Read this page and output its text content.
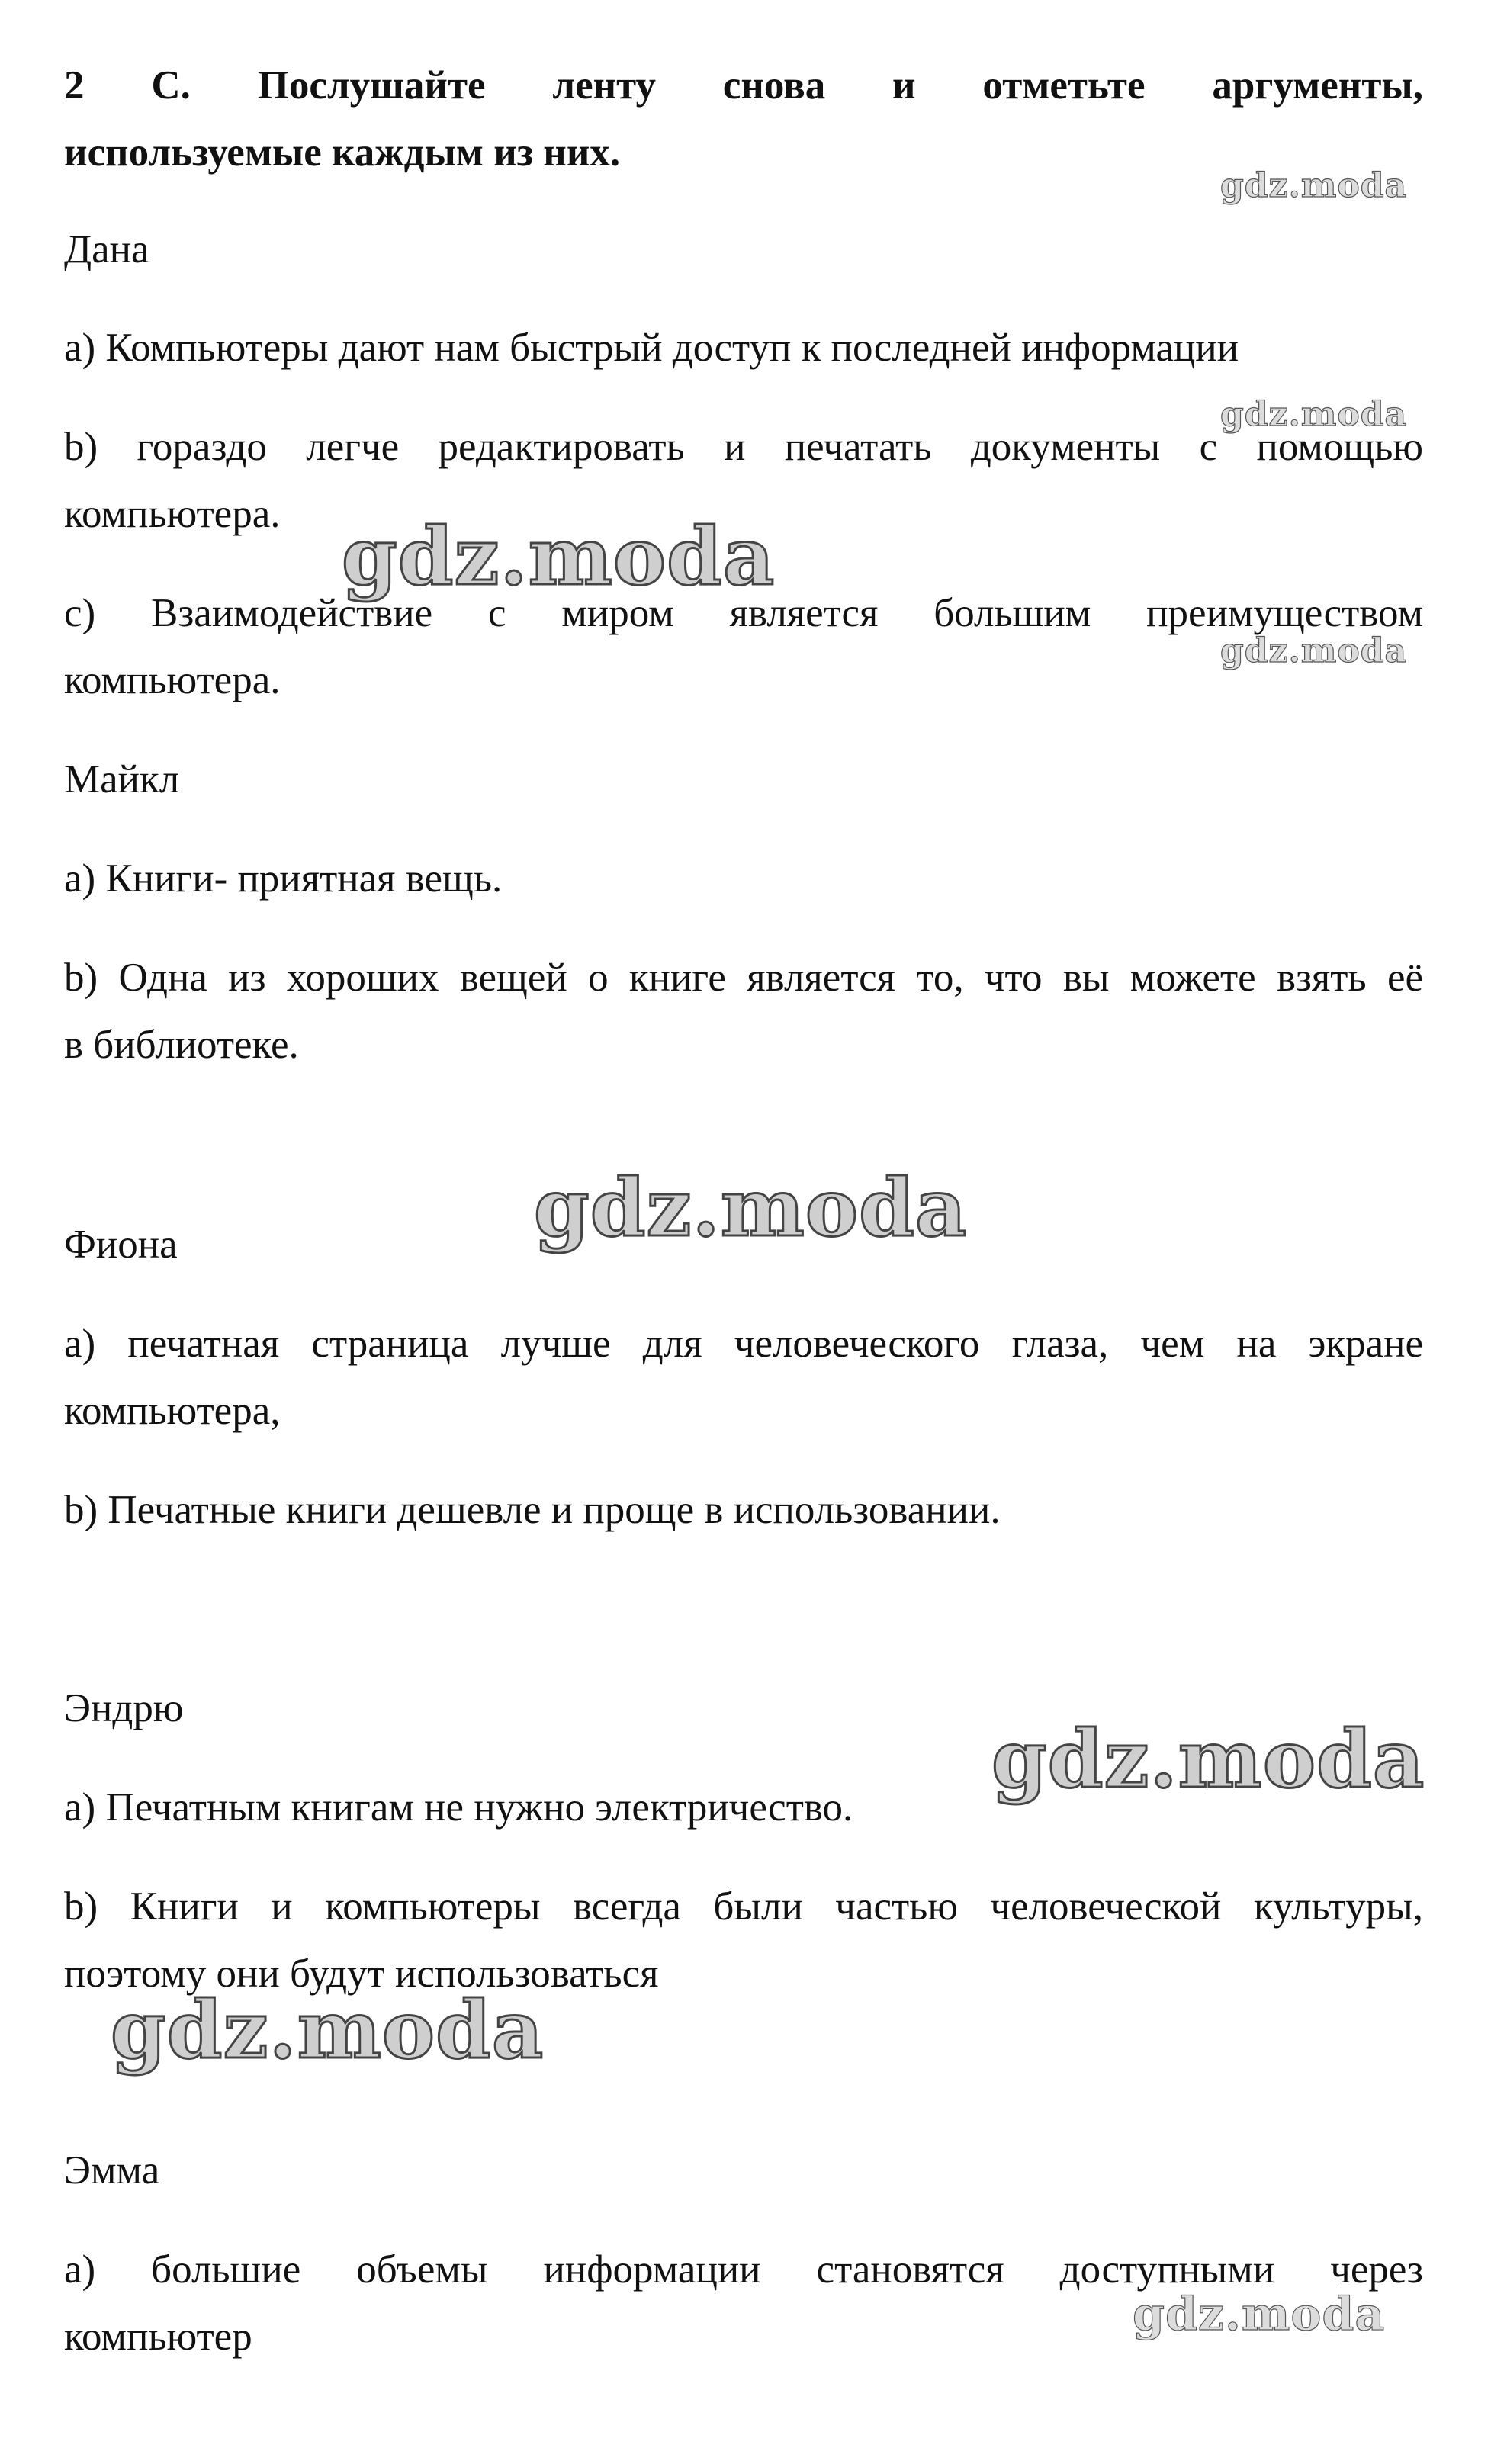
2 С. Послушайте ленту снова и отметьте аргументы,
используемые каждым из них.
Дана
а) Компьютеры дают нам быстрый доступ к последней информации
b) гораздо легче редактировать и печатать документы с помощью
компьютера.
с) Взаимодействие с миром является большим преимуществом
компьютера.
Майкл
а) Книги- приятная вещь.
b) Одна из хороших вещей о книге является то, что вы можете взять её
в библиотеке.
Фиона
а) печатная страница лучше для человеческого глаза, чем на экране
компьютера,
b) Печатные книги дешевле и проще в использовании.
Эндрю
а) Печатным книгам не нужно электричество.
b) Книги и компьютеры всегда были частью человеческой культуры,
поэтому они будут использоваться
Эмма
а) большие объемы информации становятся доступными через
компьютер
gdz.moda
gdz.moda
gdz.moda
gdz.moda
gdz.moda
gdz.moda
gdz.moda
gdz.moda
